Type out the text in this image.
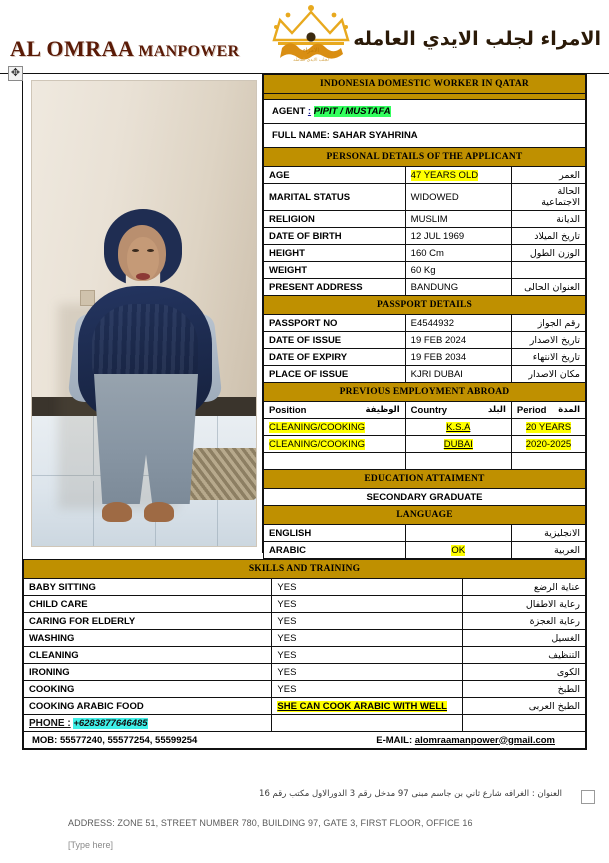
AL OMRAA MANPOWER	الامراء
لجلب الايدي العامله
الامراء لجلب الايدي العامله
✥
INDONESIA DOMESTIC WORKER IN QATAR		

AGENT : PIPIT / MUSTAFA		
FULL NAME: SAHAR SYAHRINA		
PERSONAL DETAILS OF THE APPLICANT		
AGE	47 YEARS OLD	العمر
MARITAL STATUS	WIDOWED	الحالة الاجتماعية
RELIGION	MUSLIM	الديانة
DATE OF BIRTH	12 JUL 1969	تاريخ الميلاد
HEIGHT	160 Cm	الوزن الطول
WEIGHT	60 Kg	
PRESENT ADDRESS	BANDUNG	العنوان الحالى
PASSPORT DETAILS		
PASSPORT NO	E4544932	رقم الجواز
DATE OF ISSUE	19 FEB 2024	تاريخ الاصدار
DATE OF EXPIRY	19 FEB 2034	تاريخ الانتهاء
PLACE OF ISSUE	KJRI DUBAI	مكان الاصدار
PREVIOUS EMPLOYMENT ABROAD		
Position الوظيفة	Country البلد	Period المدة

CLEANING/COOKING	K.S.A	20 YEARS
CLEANING/COOKING	DUBAI	2020-2025

EDUCATION ATTAIMENT		
SECONDARY GRADUATE		
LANGUAGE		
ENGLISH		الانجليزية
ARABIC	OK	العربية
SKILLS AND TRAINING		
BABY SITTING	YES	عناية الرضع
CHILD CARE	YES	رعاية الاطفال
CARING FOR ELDERLY	YES	رعاية العجزة
WASHING	YES	الغسيل
CLEANING	YES	التنظيف
IRONING	YES	الكوى
COOKING	YES	الطبخ
COOKING ARABIC FOOD	SHE CAN COOK ARABIC WITH WELL	الطبخ العربى
PHONE : +6283877646485		

MOB: 55577240, 55577254, 55599254 E-MAIL: alomraamanpower@gmail.com		
العنوان : الغرافه شارع ثاني بن جاسم مبنى 97 مدخل رقم 3 الدورالاول مكتب رقم 16
ADDRESS: ZONE 51, STREET NUMBER 780, BUILDING 97, GATE 3, FIRST FLOOR, OFFICE 16
[Type here]
